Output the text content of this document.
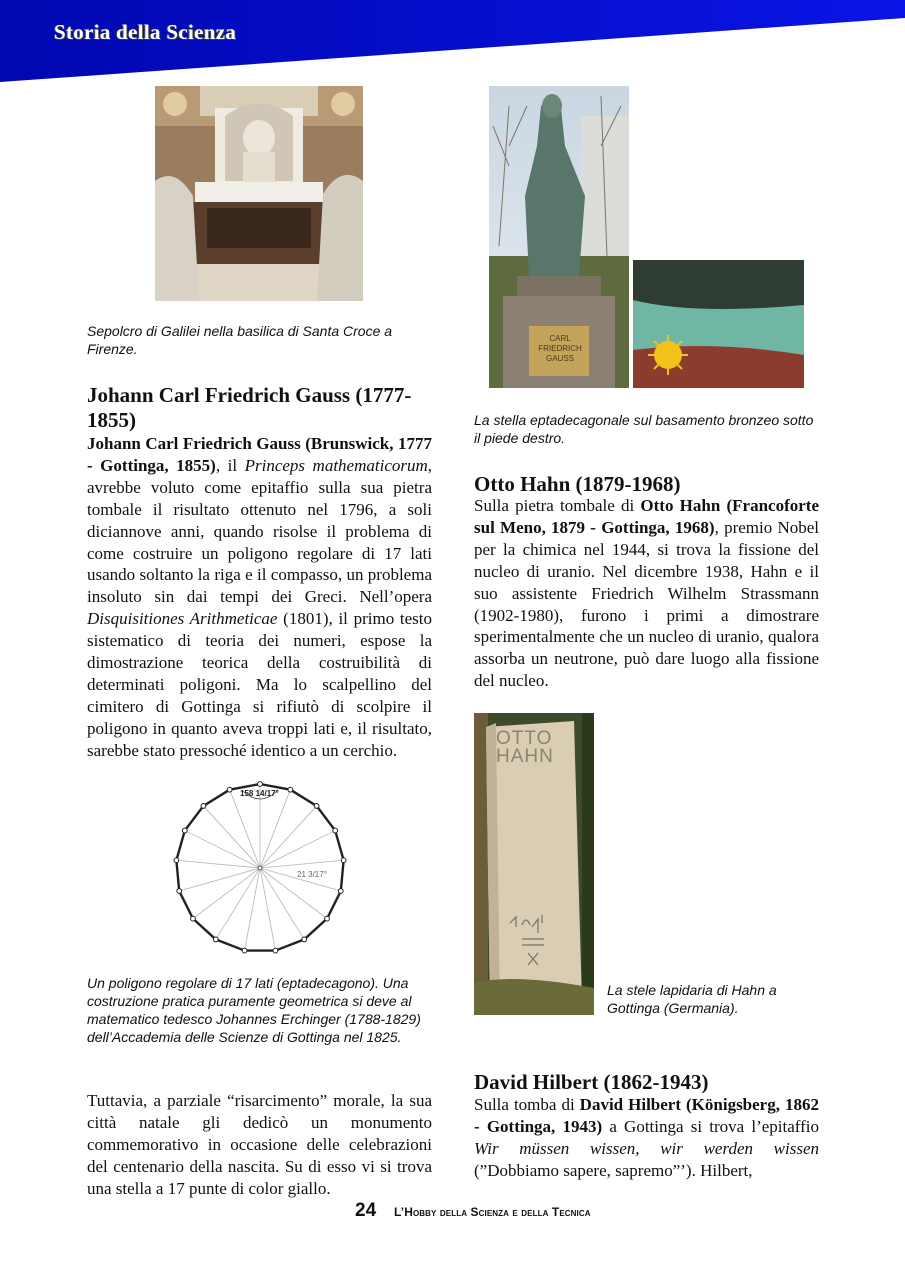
Storia della Scienza
Sepolcro di Galilei nella basilica di Santa Croce a Firenze.
Johann Carl Friedrich Gauss (1777-1855)
Johann Carl Friedrich Gauss (Brunswick, 1777 - Gottinga, 1855), il Princeps mathematicorum, avrebbe voluto come epitaffio sulla sua pietra tombale il risultato ottenuto nel 1796, a soli diciannove anni, quando risolse il problema di come costruire un poligono regolare di 17 lati usando soltanto la riga e il compasso, un problema insoluto sin dai tempi dei Greci. Nell’opera Disquisitiones Arithmeticae (1801), il primo testo sistematico di teoria dei numeri, espose la dimostrazione teorica della costruibilità di determinati poligoni. Ma lo scalpellino del cimitero di Gottinga si rifiutò di scolpire il poligono in quanto aveva troppi lati e, il risultato, sarebbe stato pressoché identico a un cerchio.
158 14/17°
21 3/17°
Un poligono regolare di 17 lati (eptadecagono). Una costruzione pratica puramente geometrica si deve al matematico tedesco Johannes Erchinger (1788-1829) dell’Accademia delle Scienze di Gottinga nel 1825.
Tuttavia, a parziale “risarcimento” morale, la sua città natale gli dedicò un monumento commemorativo in occasione delle celebrazioni del centenario della nascita. Su di esso vi si trova una stella a 17 punte di color giallo.
CARL FRIEDRICH GAUSS
La stella eptadecagonale sul basamento bronzeo sotto il piede destro.
Otto Hahn (1879-1968)
Sulla pietra tombale di Otto Hahn (Francoforte sul Meno, 1879 - Gottinga, 1968), premio Nobel per la chimica nel 1944, si trova la fissione del nucleo di uranio. Nel dicembre 1938, Hahn e il suo assistente Friedrich Wilhelm Strassmann (1902-1980), furono i primi a dimostrare sperimentalmente che un nucleo di uranio, qualora assorba un neutrone, può dare luogo alla fissione del nucleo.
OTTO HAHN
La stele lapidaria di Hahn a Gottinga (Germania).
David Hilbert (1862-1943)
Sulla tomba di David Hilbert (Königsberg, 1862 - Gottinga, 1943) a Gottinga si trova l’epitaffio Wir müssen wissen, wir werden wissen (”Dobbiamo sapere, sapremo”’). Hilbert,
24 L’Hobby della Scienza e della Tecnica
